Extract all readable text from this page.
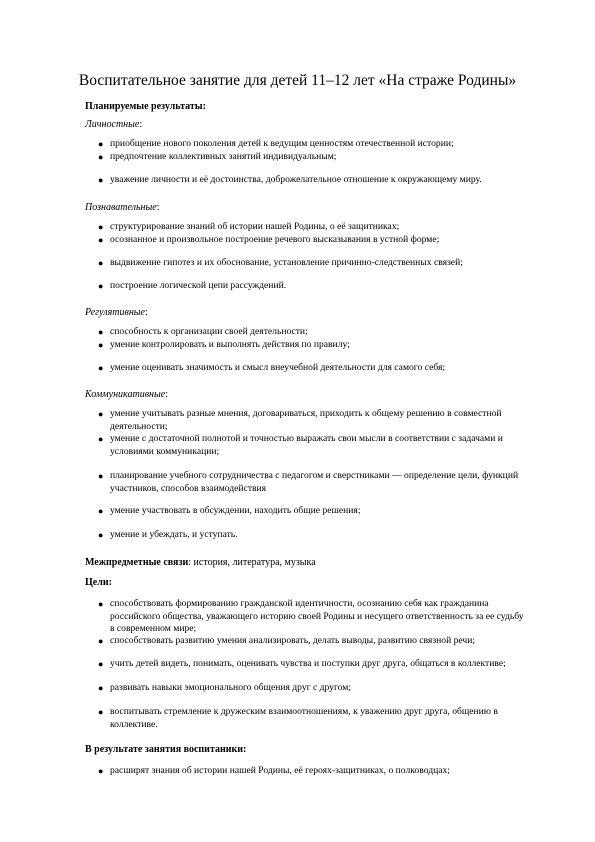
Воспитательное занятие для детей 11–12 лет «На страже Родины»
Планируемые результаты:
Личностные:
● приобщение нового поколения детей к ведущим ценностям отечественной истории;
● предпочтение коллективных занятий индивидуальным;
● уважение личности и её достоинства, доброжелательное отношение к окружающему миру.
Познавательные:
● структурирование знаний об истории нашей Родины, о её защитниках;
● осознанное и произвольное построение речевого высказывания в устной форме;
● выдвижение гипотез и их обоснование, установление причинно-следственных связей;
● построение логической цепи рассуждений.
Регулятивные:
● способность к организации своей деятельности;
● умение контролировать и выполнять действия по правилу;
● умение оценивать значимость и смысл внеучебной деятельности для самого себя;
Коммуникативные:
● умение учитывать разные мнения, договариваться, приходить к общему решению в совместной деятельности;
● умение с достаточной полнотой и точностью выражать свои мысли в соответствии с задачами и условиями коммуникации;
● планирование учебного сотрудничества с педагогом и сверстниками — определение цели, функций участников, способов взаимодействия
● умение участвовать в обсуждении, находить общие решения;
● умение и убеждать, и уступать.
Межпредметные связи: история, литература, музыка
Цели:
● способствовать формированию гражданской идентичности, осознанию себя как гражданина российского общества, уважающего историю своей Родины и несущего ответственность за ее судьбу в современном мире;
● способствовать развитию умения анализировать, делать выводы, развитию связной речи;
● учить детей видеть, понимать, оценивать чувства и поступки друг друга, общаться в коллективе;
● развивать навыки эмоционального общения друг с другом;
● воспитывать стремление к дружеским взаимоотношениям, к уважению друг друга, общению в коллективе.
В результате занятия воспитаники:
● расширят знания об истории нашей Родины, её героях-защитниках, о полководцах;
